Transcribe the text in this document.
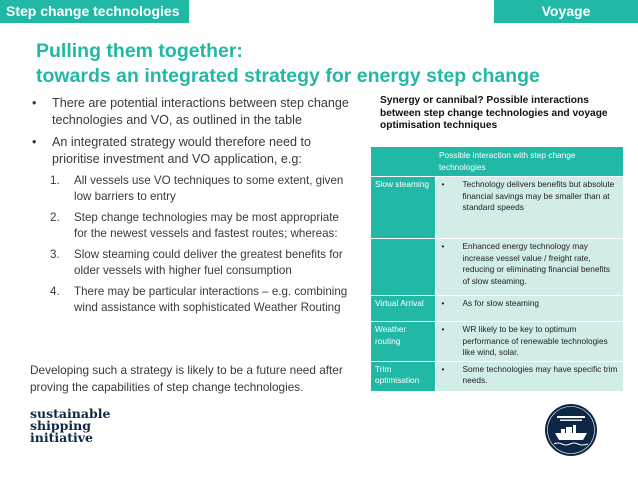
Step change technologies	Voyage optimisation
Pulling them together:
towards an integrated strategy for energy step change
• There are potential interactions between step change technologies and VO, as outlined in the table
• An integrated strategy would therefore need to prioritise investment and VO application, e.g:
1. All vessels use VO techniques to some extent, given low barriers to entry
2. Step change technologies may be most appropriate for the newest vessels and fastest routes; whereas:
3. Slow steaming could deliver the greatest benefits for older vessels with higher fuel consumption
4. There may be particular interactions – e.g. combining wind assistance with sophisticated Weather Routing
Developing such a strategy is likely to be a future need after proving the capabilities of step change technologies.
sustainable
shipping
initiative
Synergy or cannibal? Possible interactions between step change technologies and voyage optimisation techniques
	Possible interaction with step change technologies
Slow steaming	• Technology delivers benefits but absolute financial savings may be smaller than at standard speeds

	• Enhanced energy technology may increase vessel value / freight rate, reducing or eliminating financial benefits of slow steaming.

Virtual Arrival	• As for slow steaming

Weather routing	• WR likely to be key to optimum performance of renewable technologies like wind, solar.

Trim optimisation	• Some technologies may have specific trim needs.
